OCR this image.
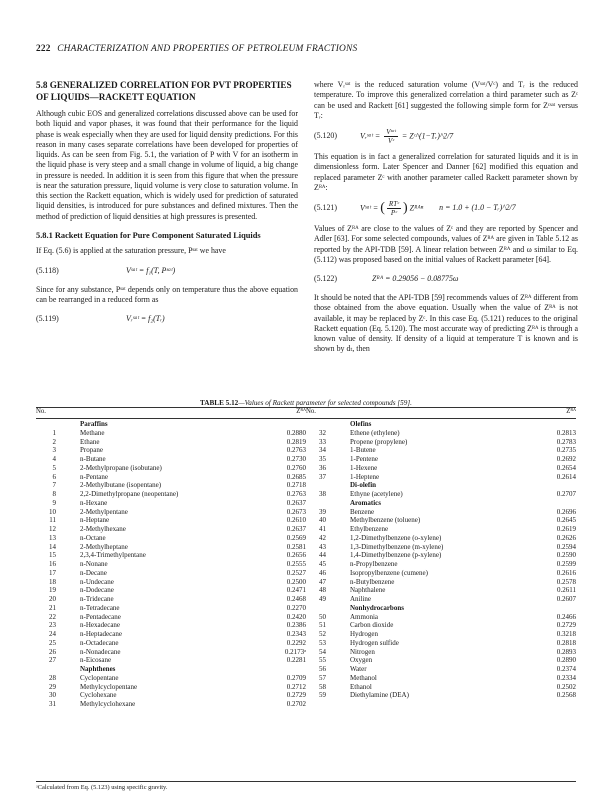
222 CHARACTERIZATION AND PROPERTIES OF PETROLEUM FRACTIONS
5.8 GENERALIZED CORRELATION FOR PVT PROPERTIES OF LIQUIDS—RACKETT EQUATION

Although cubic EOS and generalized correlations discussed above can be used for both liquid and vapor phases, it was found that their performance for the liquid phase is weak especially when they are used for liquid density predictions. For this reason in many cases separate correlations have been developed for properties of liquids. As can be seen from Fig. 5.1, the variation of P with V for an isotherm in the liquid phase is very steep and a small change in volume of liquid, a big change in pressure is needed. In addition it is seen from this figure that when the pressure is near the saturation pressure, liquid volume is very close to saturation volume. In this section the Rackett equation, which is widely used for prediction of saturated liquid densities, is introduced for pure substances and defined mixtures. Then the method of prediction of liquid densities at high pressures is presented.

5.8.1 Rackett Equation for Pure Component Saturated Liquids

If Eq. (5.6) is applied at the saturation pressure, Pˢᵃᵗ we have

(5.118)	Vˢᵃᵗ = f₁(T, Pˢᵃᵗ)

Since for any substance, Pˢᵃᵗ depends only on temperature thus the above equation can be rearranged in a reduced form as

(5.119)	Vᵣˢᵃᵗ = f₂(Tᵣ)

where Vᵣˢᵃᵗ is the reduced saturation volume (Vˢᵃᵗ/Vᶜ) and Tᵣ is the reduced temperature. To improve this generalized correlation a third parameter such as Zᶜ can be used and Rackett [61] suggested the following simple form for Zᶜˢᵃᵗ versus Tᵣ:

(5.120)	Vᵣˢᵃᵗ = $\frac{\text{Vˢᵃᵗ}}{\text{Vᶜ}}$ = Zᶜ^(1−Tᵣ)^2/7

This equation is in fact a generalized correlation for saturated liquids and it is in dimensionless form. Later Spencer and Danner [62] modified this equation and replaced parameter Zᶜ with another parameter called Rackett parameter shown by Zᴿᴬ:

(5.121)	Vˢᵃᵗ = ( $\frac{\text{RTᶜ}}{\text{Pᶜ}}$ ) Zᴿᴬⁿ n = 1.0 + (1.0 − Tᵣ)^2/7

Values of Zᴿᴬ are close to the values of Zᶜ and they are reported by Spencer and Adler [63]. For some selected compounds, values of Zᴿᴬ are given in Table 5.12 as reported by the API-TDB [59]. A linear relation between Zᴿᴬ and ω similar to Eq. (5.112) was proposed based on the initial values of Rackett parameter [64].

(5.122)	Zᴿᴬ = 0.29056 − 0.08775ω

It should be noted that the API-TDB [59] recommends values of Zᴿᴬ different from those obtained from the above equation. Usually when the value of Zᴿᴬ is not available, it may be replaced by Zᶜ. In this case Eq. (5.121) reduces to the original Rackett equation (Eq. 5.120). The most accurate way of predicting Zᴿᴬ is through a known value of density. If density of a liquid at temperature T is known and is shown by dₜ, then

TABLE 5.12—Values of Rackett parameter for selected compounds [59].
No.	Zᴿᴬ
Paraffins
1	Methane	0.2880
2	Ethane	0.2819
3	Propane	0.2763
4	n-Butane	0.2730
5	2-Methylpropane (isobutane)	0.2760
6	n-Pentane	0.2685
7	2-Methylbutane (isopentane)	0.2718
8	2,2-Dimethylpropane (neopentane)	0.2763
9	n-Hexane	0.2637
10	2-Methylpentane	0.2673
11	n-Heptane	0.2610
12	2-Methylhexane	0.2637
13	n-Octane	0.2569
14	2-Methylheptane	0.2581
15	2,3,4-Trimethylpentane	0.2656
16	n-Nonane	0.2555
17	n-Decane	0.2527
18	n-Undecane	0.2500
19	n-Dodecane	0.2471
20	n-Tridecane	0.2468
21	n-Tetradecane	0.2270
22	n-Pentadecane	0.2420
23	n-Hexadecane	0.2386
24	n-Heptadecane	0.2343
25	n-Octadecane	0.2292
26	n-Nonadecane	0.2173ᵃ
27	n-Eicosane	0.2281
Naphthenes
28	Cyclopentane	0.2709
29	Methylcyclopentane	0.2712
30	Cyclohexane	0.2729
31	Methylcyclohexane	0.2702
No.	Zᴿᴬ
Olefins
32	Ethene (ethylene)	0.2813
33	Propene (propylene)	0.2783
34	1-Butene	0.2735
35	1-Pentene	0.2692
36	1-Hexene	0.2654
37	1-Heptene	0.2614
Di-olefin
38	Ethyne (acetylene)	0.2707
Aromatics
39	Benzene	0.2696
40	Methylbenzene (toluene)	0.2645
41	Ethylbenzene	0.2619
42	1,2-Dimethylbenzene (o-xylene)	0.2626
43	1,3-Dimethylbenzene (m-xylene)	0.2594
44	1,4-Dimethylbenzene (p-xylene)	0.2590
45	n-Propylbenzene	0.2599
46	Isopropylbenzene (cumene)	0.2616
47	n-Butylbenzene	0.2578
48	Naphthalene	0.2611
49	Aniline	0.2607
Nonhydrocarbons
50	Ammonia	0.2466
51	Carbon dioxide	0.2729
52	Hydrogen	0.3218
53	Hydrogen sulfide	0.2818
54	Nitrogen	0.2893
55	Oxygen	0.2890
56	Water	0.2374
57	Methanol	0.2334
58	Ethanol	0.2502
59	Diethylamine (DEA)	0.2568
ᵃCalculated from Eq. (5.123) using specific gravity.
